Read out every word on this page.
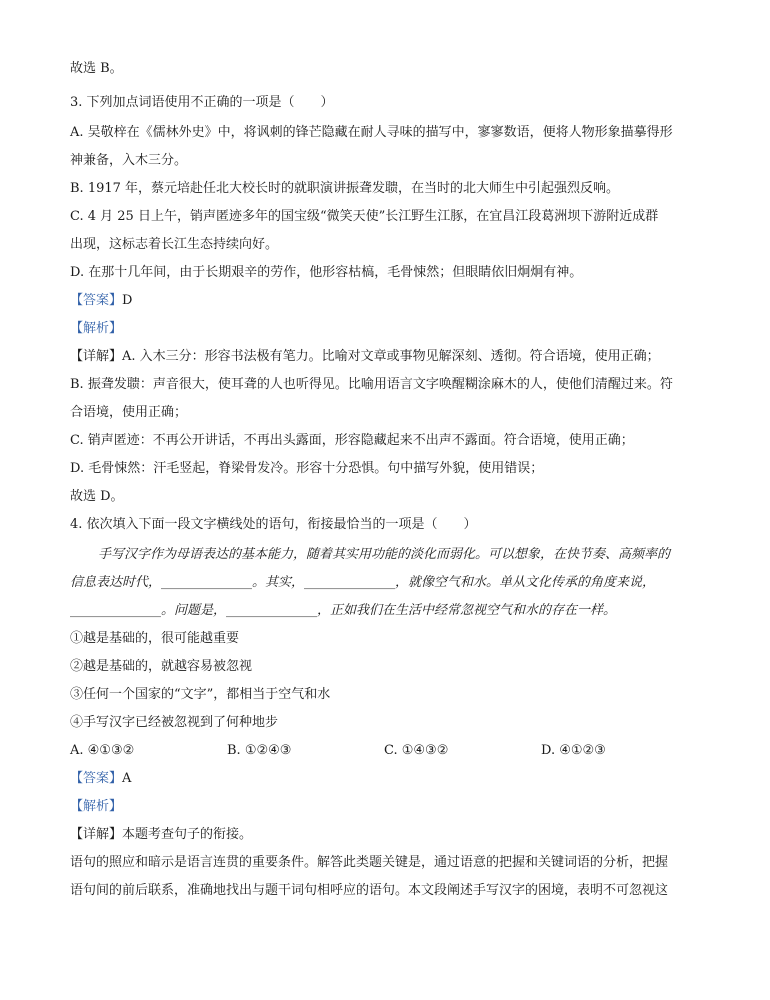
故选 B。
3. 下列加点词语使用不正确的一项是（　　）
A. 吴敬梓在《儒林外史》中，将讽刺的锋芒隐藏在耐人寻味的描写中，寥寥数语，便将人物形象描摹得形
神兼备，入木三分。
B. 1917 年，蔡元培赴任北大校长时的就职演讲振聋发聩，在当时的北大师生中引起强烈反响。
C. 4 月 25 日上午，销声匿迹多年的国宝级“微笑天使”长江野生江豚，在宜昌江段葛洲坝下游附近成群
出现，这标志着长江生态持续向好。
D. 在那十几年间，由于长期艰辛的劳作，他形容枯槁，毛骨悚然；但眼睛依旧炯炯有神。
【答案】D
【解析】
【详解】A. 入木三分：形容书法极有笔力。比喻对文章或事物见解深刻、透彻。符合语境，使用正确；
B. 振聋发聩：声音很大，使耳聋的人也听得见。比喻用语言文字唤醒糊涂麻木的人，使他们清醒过来。符
合语境，使用正确；
C. 销声匿迹：不再公开讲话，不再出头露面，形容隐藏起来不出声不露面。符合语境，使用正确；
D. 毛骨悚然：汗毛竖起，脊梁骨发冷。形容十分恐惧。句中描写外貌，使用错误；
故选 D。
4. 依次填入下面一段文字横线处的语句，衔接最恰当的一项是（　　）
手写汉字作为母语表达的基本能力，随着其实用功能的淡化而弱化。可以想象，在快节奏、高频率的
信息表达时代，______________。其实，______________，就像空气和水。单从文化传承的角度来说，
______________。问题是，______________，正如我们在生活中经常忽视空气和水的存在一样。
①越是基础的，很可能越重要
②越是基础的，就越容易被忽视
③任何一个国家的“文字”，都相当于空气和水
④手写汉字已经被忽视到了何种地步
A. ④①③②	B. ①②④③	C. ①④③②	D. ④①②③
【答案】A
【解析】
【详解】本题考查句子的衔接。
语句的照应和暗示是语言连贯的重要条件。解答此类题关键是，通过语意的把握和关键词语的分析，把握
语句间的前后联系，准确地找出与题干词句相呼应的语句。本文段阐述手写汉字的困境，表明不可忽视这
